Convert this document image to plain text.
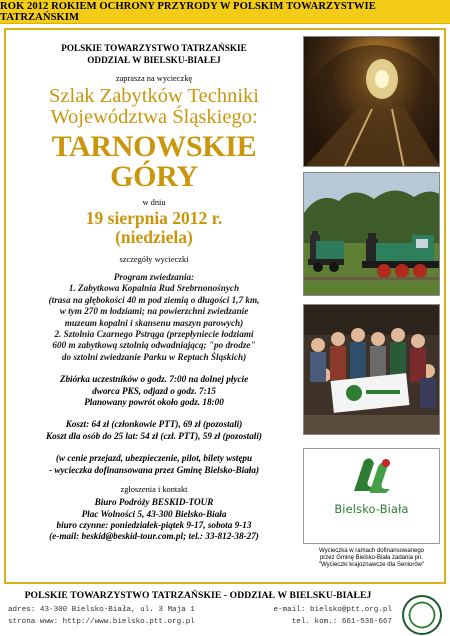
ROK 2012 ROKIEM OCHRONY PRZYRODY W POLSKIM TOWARZYSTWIE TATRZAŃSKIM
POLSKIE TOWARZYSTWO TATRZAŃSKIE
ODDZIAŁ W BIELSKU-BIAŁEJ
zaprasza na wycieczkę
Szlak Zabytków Techniki
Województwa Śląskiego:
TARNOWSKIE GÓRY
w dniu
19 sierpnia 2012 r.
(niedziela)
szczegóły wycieczki
Program zwiedzania:
1. Zabytkowa Kopalnia Rud Srebrnonośnych
(trasa na głębokości 40 m pod ziemią o długości 1,7 km,
w tym 270 m łodziami; na powierzchni zwiedzanie
muzeum kopalni i skansenu maszyn parowych)
2. Sztolnia Czarnego Pstrąga (przepłyniecie łodziami
600 m zabytkową sztolnią odwadniającą; "po drodze"
do sztolni zwiedzanie Parku w Reptach Śląskich)
Zbiórka uczestników o godz. 7:00 na dolnej płycie
dworca PKS, odjazd o godz. 7:15
Planowany powrót około godz. 18:00
Koszt: 64 zł (członkowie PTT), 69 zł (pozostali)
Koszt dla osób do 25 lat: 54 zł (czł. PTT), 59 zł (pozostali)
(w cenie przejazd, ubezpieczenie, pilot, bilety wstępu
- wycieczka dofinansowana przez Gminę Bielsko-Biała)
zgłoszenia i kontakt
Biuro Podróży BESKID-TOUR
Plac Wolności 5, 43-300 Bielsko-Biała
biuro czynne: poniedziałek-piątek 9-17, sobota 9-13
(e-mail: beskid@beskid-tour.com.pl; tel.: 33-812-38-27)
Bielsko-Biała
Wycieczka w ramach dofinansowanego
przez Gminę Bielsko-Biała zadania pn.
"Wycieczki krajoznawcze dla Seniorów"
POLSKIE TOWARZYSTWO TATRZAŃSKIE - ODDZIAŁ W BIELSKU-BIAŁEJ
adres: 43-300 Bielsko-Biała, ul. 3 Maja 1	e-mail: bielsko@ptt.org.pl
strona www: http://www.bielsko.ptt.org.pl	tel. kom.: 661-536-667
